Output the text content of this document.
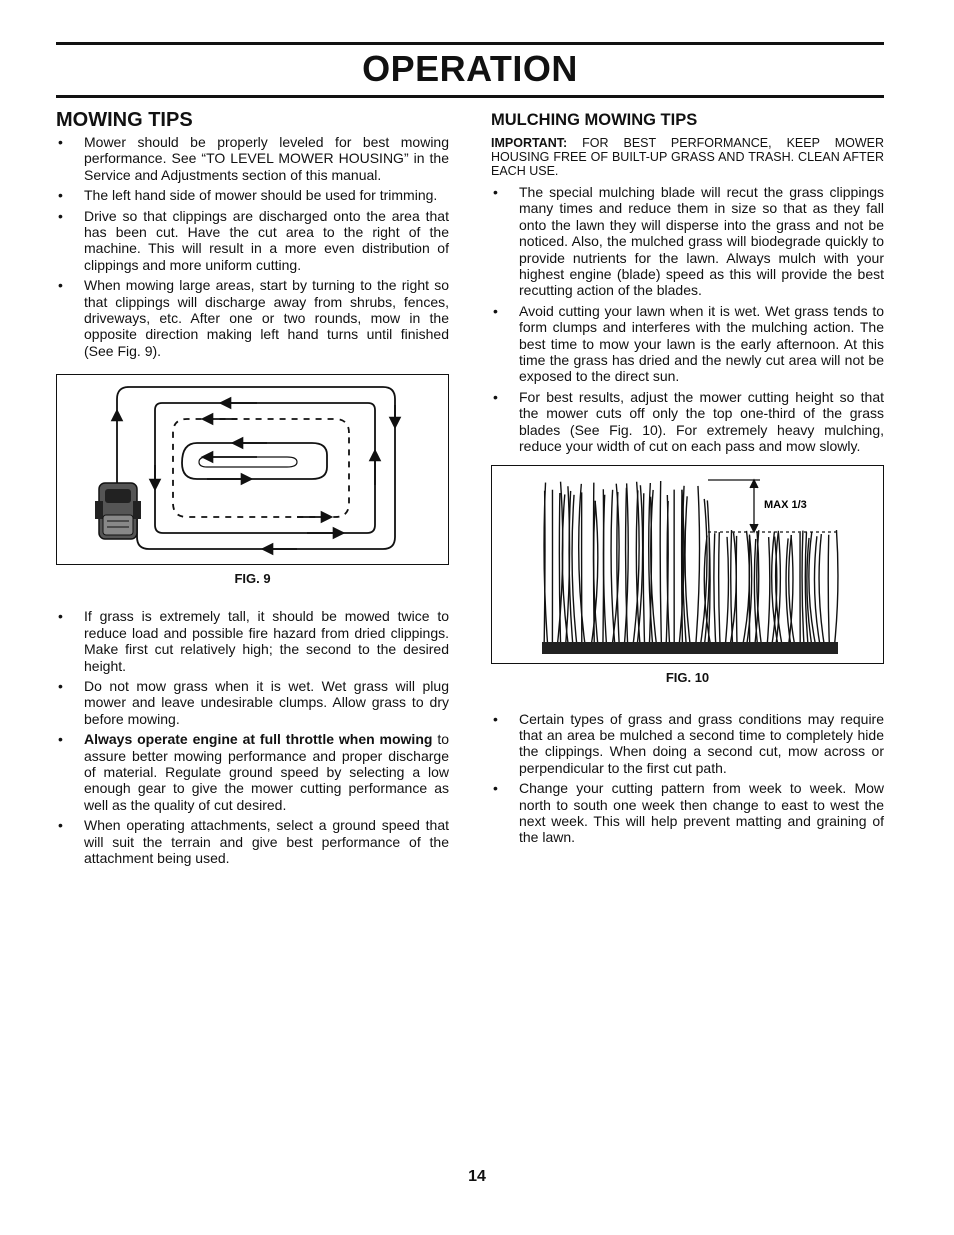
OPERATION
MOWING TIPS
• Mower should be properly leveled for best mowing performance. See “TO LEVEL MOWER HOUSING” in the Service and Adjustments section of this manual.
• The left hand side of mower should be used for trimming.
• Drive so that clippings are discharged onto the area that has been cut. Have the cut area to the right of the machine. This will result in a more even distribution of clippings and more uniform cutting.
• When mowing large areas, start by turning to the right so that clippings will discharge away from shrubs, fences, driveways, etc. After one or two rounds, mow in the opposite direction making left hand turns until finished (See Fig. 9).
FIG. 9
• If grass is extremely tall, it should be mowed twice to reduce load and possible fire hazard from dried clippings. Make first cut relatively high; the second to the desired height.
• Do not mow grass when it is wet. Wet grass will plug mower and leave undesirable clumps. Allow grass to dry before mowing.
• Always operate engine at full throttle when mowing to assure better mowing performance and proper discharge of material. Regulate ground speed by selecting a low enough gear to give the mower cutting performance as well as the quality of cut desired.
• When operating attachments, select a ground speed that will suit the terrain and give best performance of the attachment being used.
MULCHING MOWING TIPS

IMPORTANT: FOR BEST PERFORMANCE, KEEP MOWER HOUSING FREE OF BUILT-UP GRASS AND TRASH. CLEAN AFTER EACH USE.

• The special mulching blade will recut the grass clippings many times and reduce them in size so that as they fall onto the lawn they will disperse into the grass and not be noticed. Also, the mulched grass will biodegrade quickly to provide nutrients for the lawn. Always mulch with your highest engine (blade) speed as this will provide the best recutting action of the blades.
• Avoid cutting your lawn when it is wet. Wet grass tends to form clumps and interferes with the mulching action. The best time to mow your lawn is the early afternoon. At this time the grass has dried and the newly cut area will not be exposed to the direct sun.
• For best results, adjust the mower cutting height so that the mower cuts off only the top one-third of the grass blades (See Fig. 10). For extremely heavy mulching, reduce your width of cut on each pass and mow slowly.
MAX 1/3
FIG. 10
• Certain types of grass and grass conditions may require that an area be mulched a second time to completely hide the clippings. When doing a second cut, mow across or perpendicular to the first cut path.
• Change your cutting pattern from week to week. Mow north to south one week then change to east to west the next week. This will help prevent matting and graining of the lawn.
14
